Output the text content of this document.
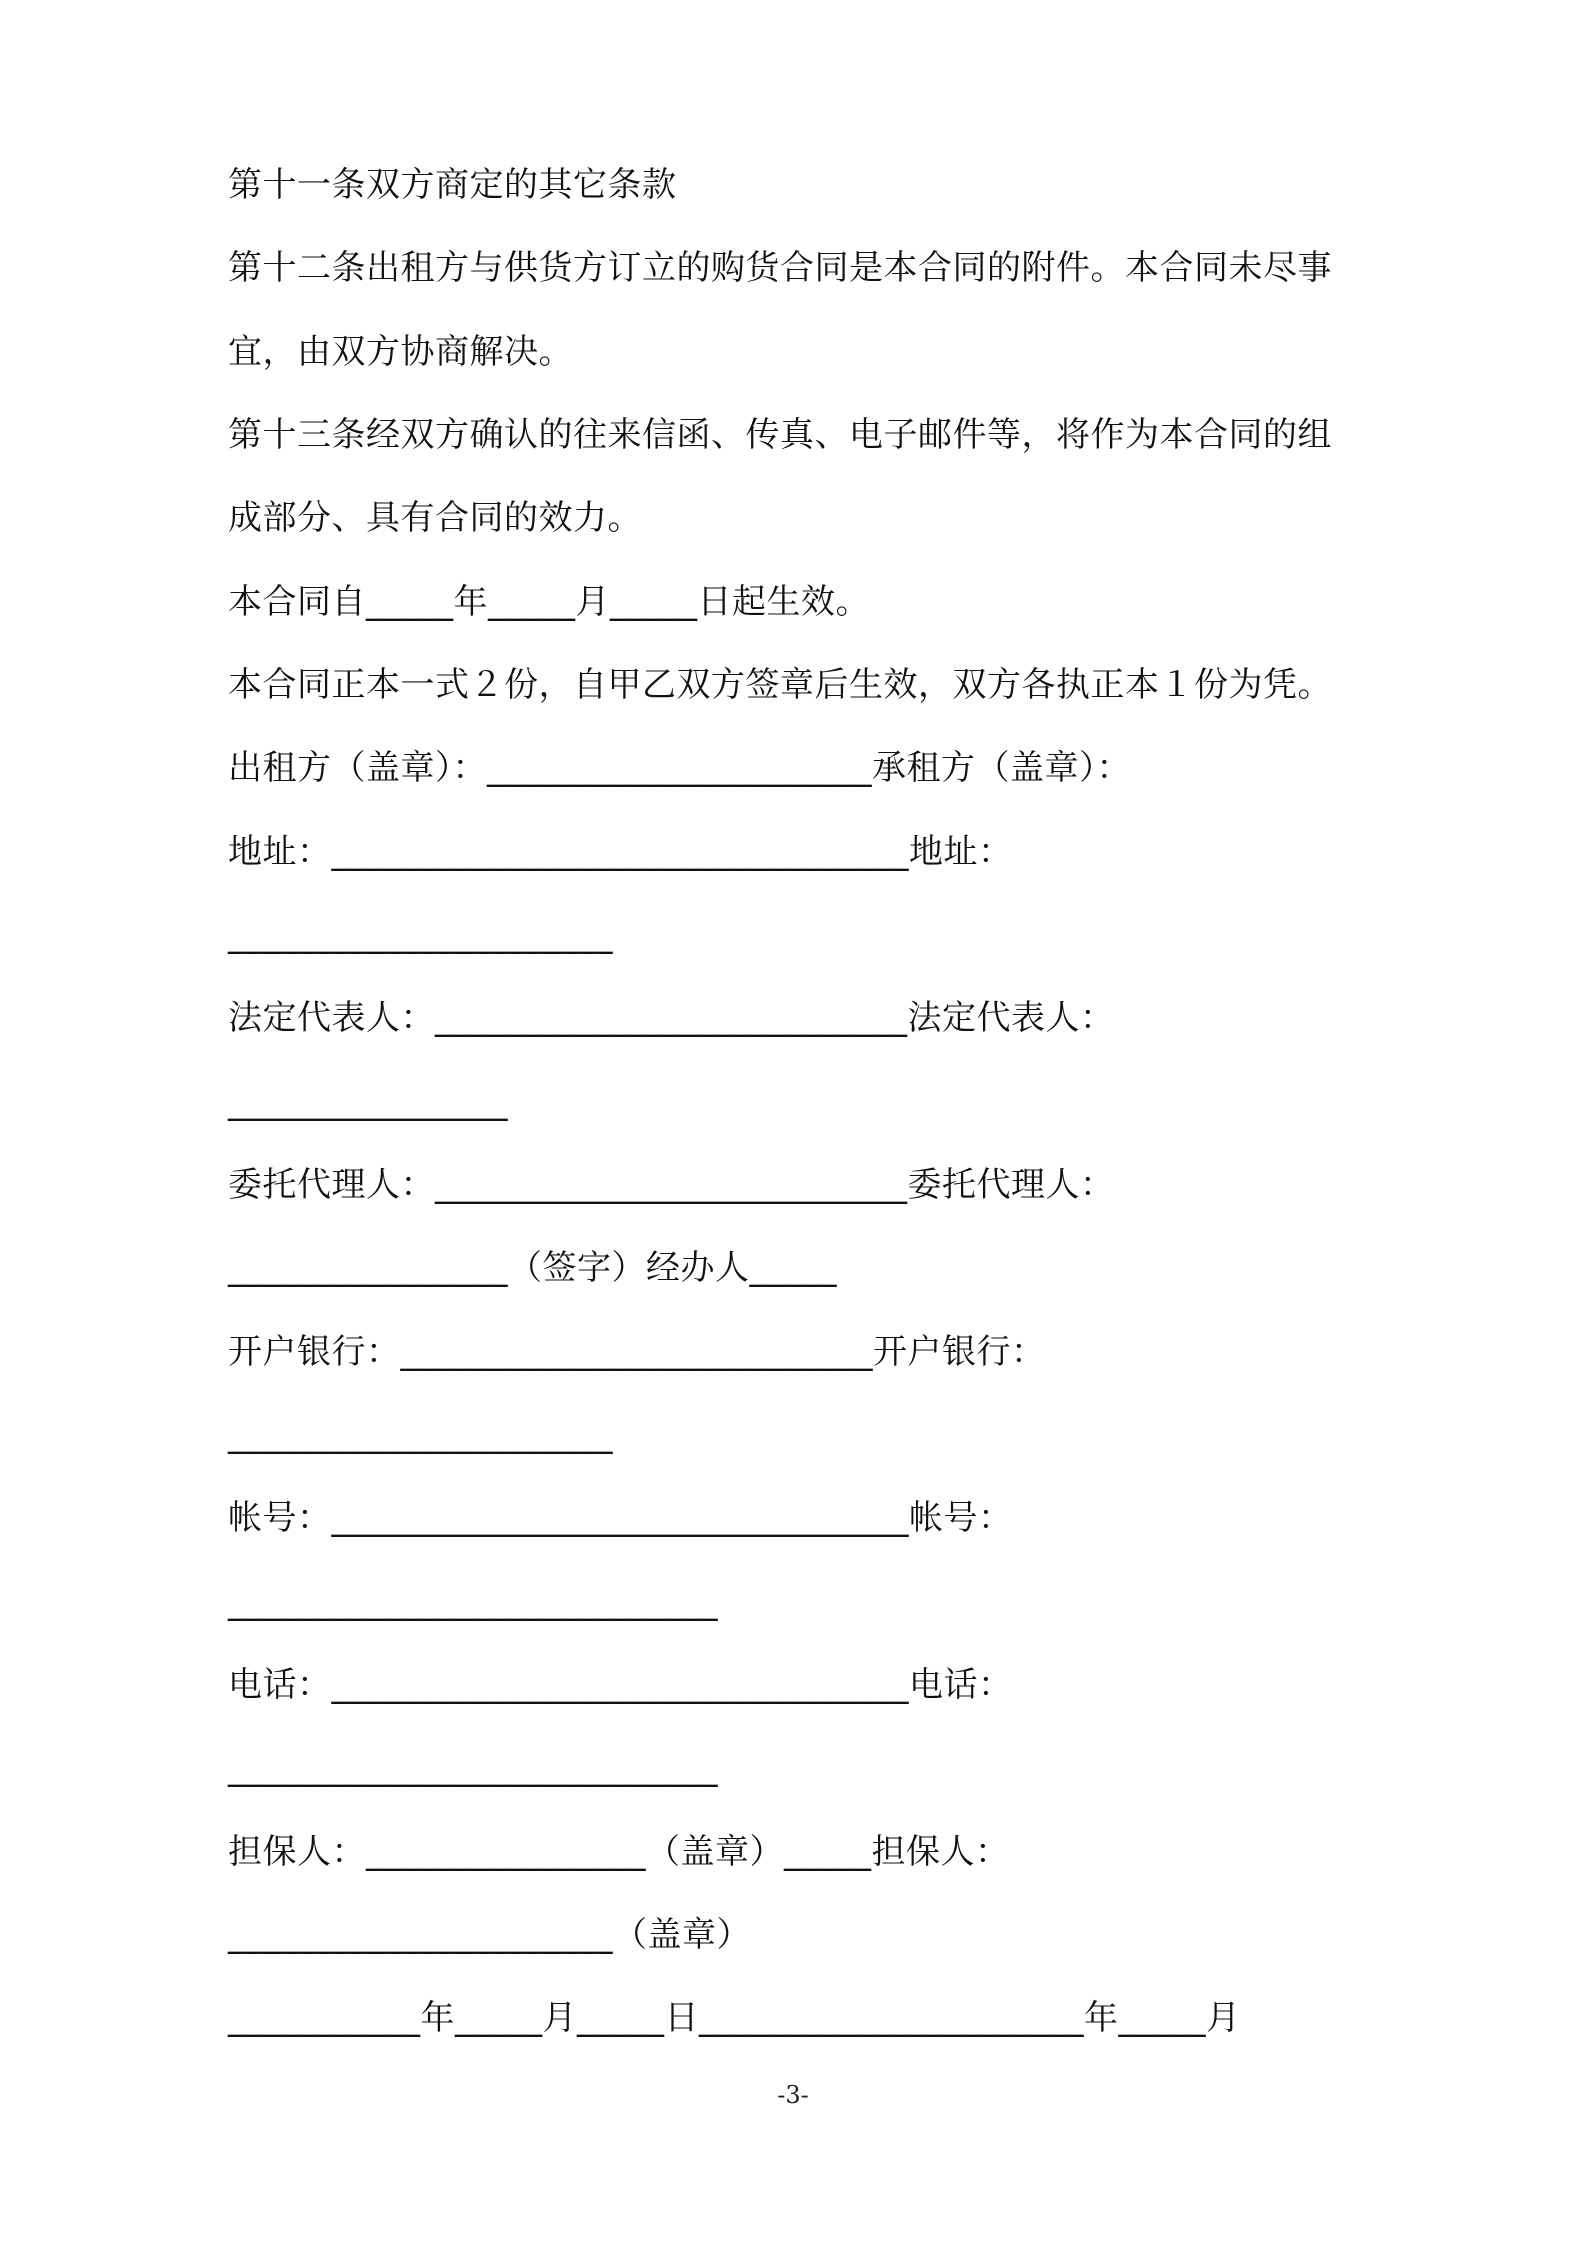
第十一条双方商定的其它条款
第十二条出租方与供货方订立的购货合同是本合同的附件。本合同未尽事
宜，由双方协商解决。
第十三条经双方确认的往来信函、传真、电子邮件等，将作为本合同的组
成部分、具有合同的效力。
本合同自_____年_____月_____日起生效。
本合同正本一式２份，自甲乙双方签章后生效，双方各执正本１份为凭。
出租方（盖章）：______________________承租方（盖章）：
地址：_________________________________地址：
______________________
法定代表人：___________________________法定代表人：
________________
委托代理人：___________________________委托代理人：
________________（签字）经办人_____
开户银行：___________________________开户银行：
______________________
帐号：_________________________________帐号：
____________________________
电话：_________________________________电话：
____________________________
担保人：________________（盖章）_____担保人：
______________________（盖章）
___________年_____月_____日______________________年_____月
-3-
